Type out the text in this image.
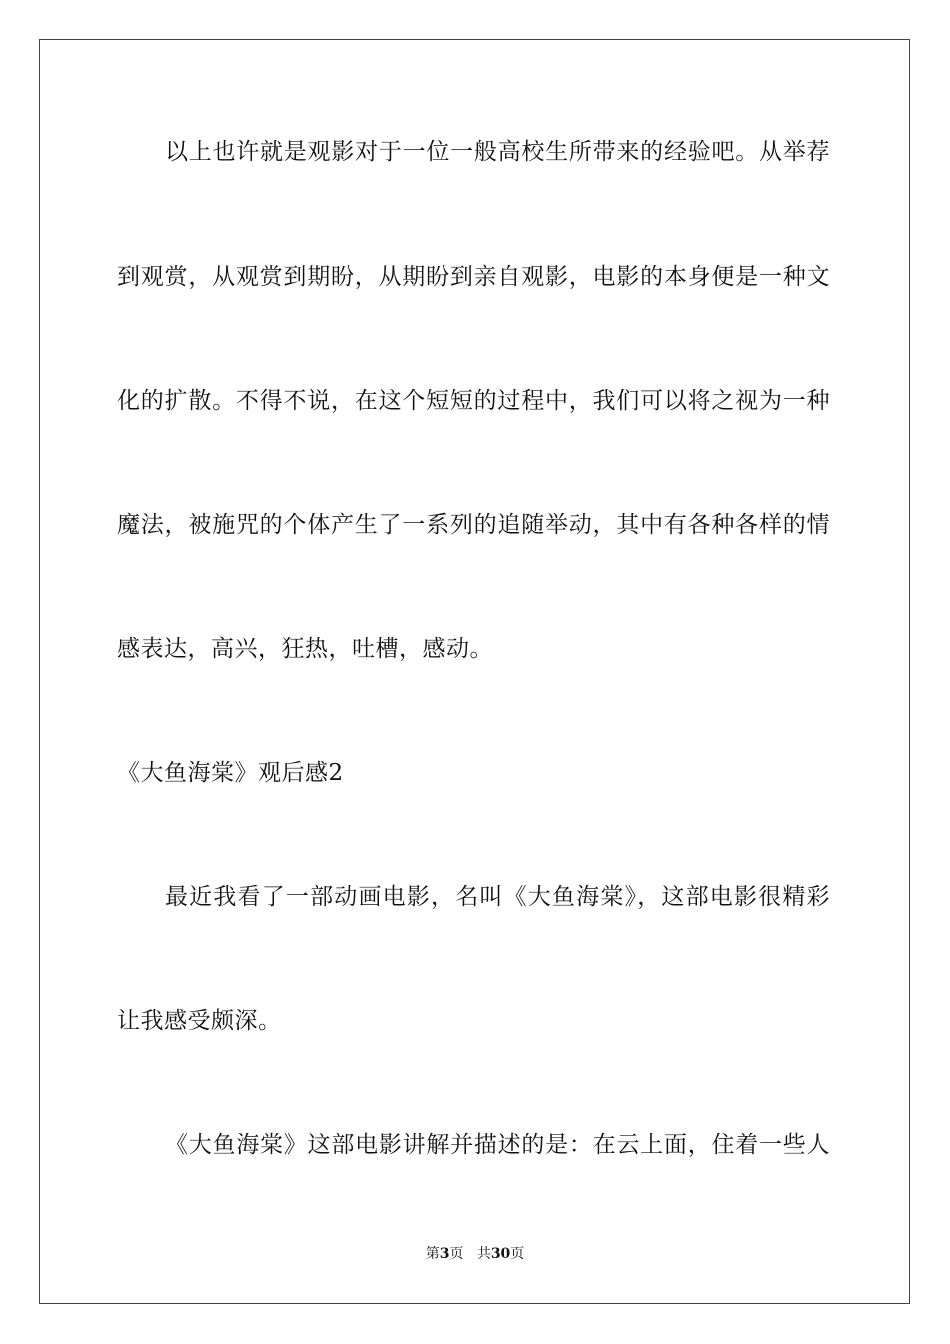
以上也许就是观影对于一位一般高校生所带来的经验吧。从举荐
到观赏，从观赏到期盼，从期盼到亲自观影，电影的本身便是一种文
化的扩散。不得不说，在这个短短的过程中，我们可以将之视为一种
魔法，被施咒的个体产生了一系列的追随举动，其中有各种各样的情
感表达，高兴，狂热，吐槽，感动。
《大鱼海棠》观后感2
最近我看了一部动画电影，名叫《大鱼海棠》，这部电影很精彩
让我感受颇深。
《大鱼海棠》这部电影讲解并描述的是：在云上面，住着一些人
第3页 共30页
